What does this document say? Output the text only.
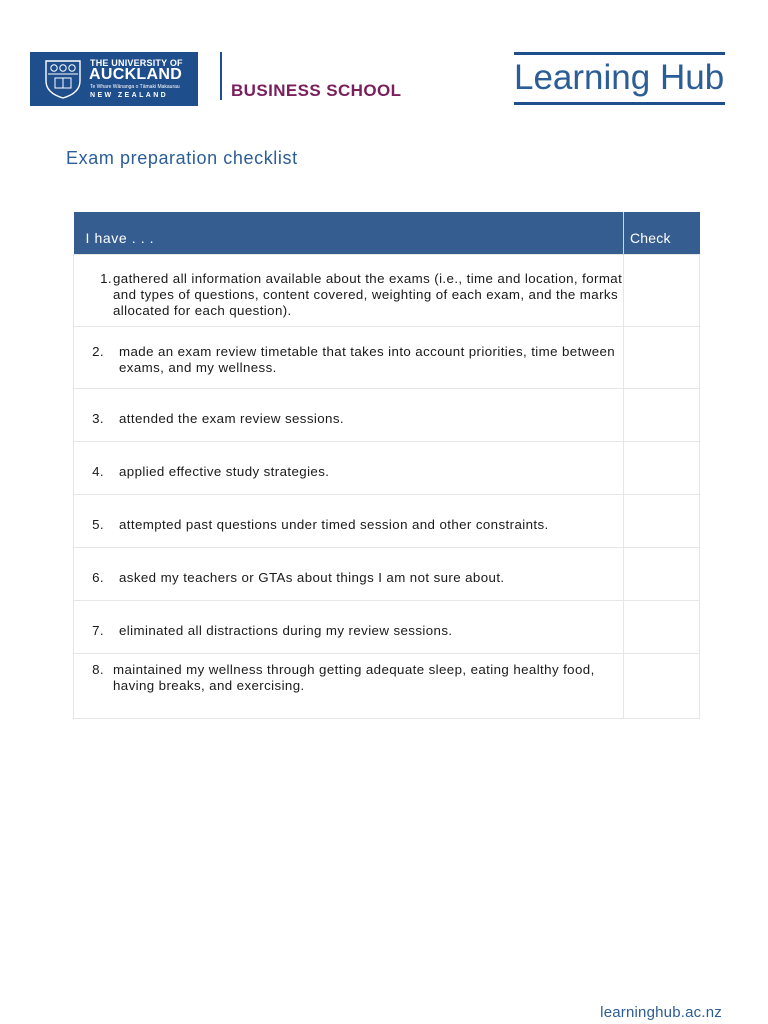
THE UNIVERSITY OF
AUCKLAND
Te Whare Wānanga o Tāmaki Makaurau
NEW ZEALAND	BUSINESS SCHOOL	Learning Hub
Exam preparation checklist
I have . . .	Check

1. gathered all information available about the exams (i.e., time and location, format and types of questions, content covered, weighting of each exam, and the marks allocated for each question).	

2. made an exam review timetable that takes into account priorities, time between exams, and my wellness.	

3. attended the exam review sessions.	

4. applied effective study strategies.	

5. attempted past questions under timed session and other constraints.	

6. asked my teachers or GTAs about things I am not sure about.	

7. eliminated all distractions during my review sessions.	

8. maintained my wellness through getting adequate sleep, eating healthy food, having breaks, and exercising.	

learninghub.ac.nz
